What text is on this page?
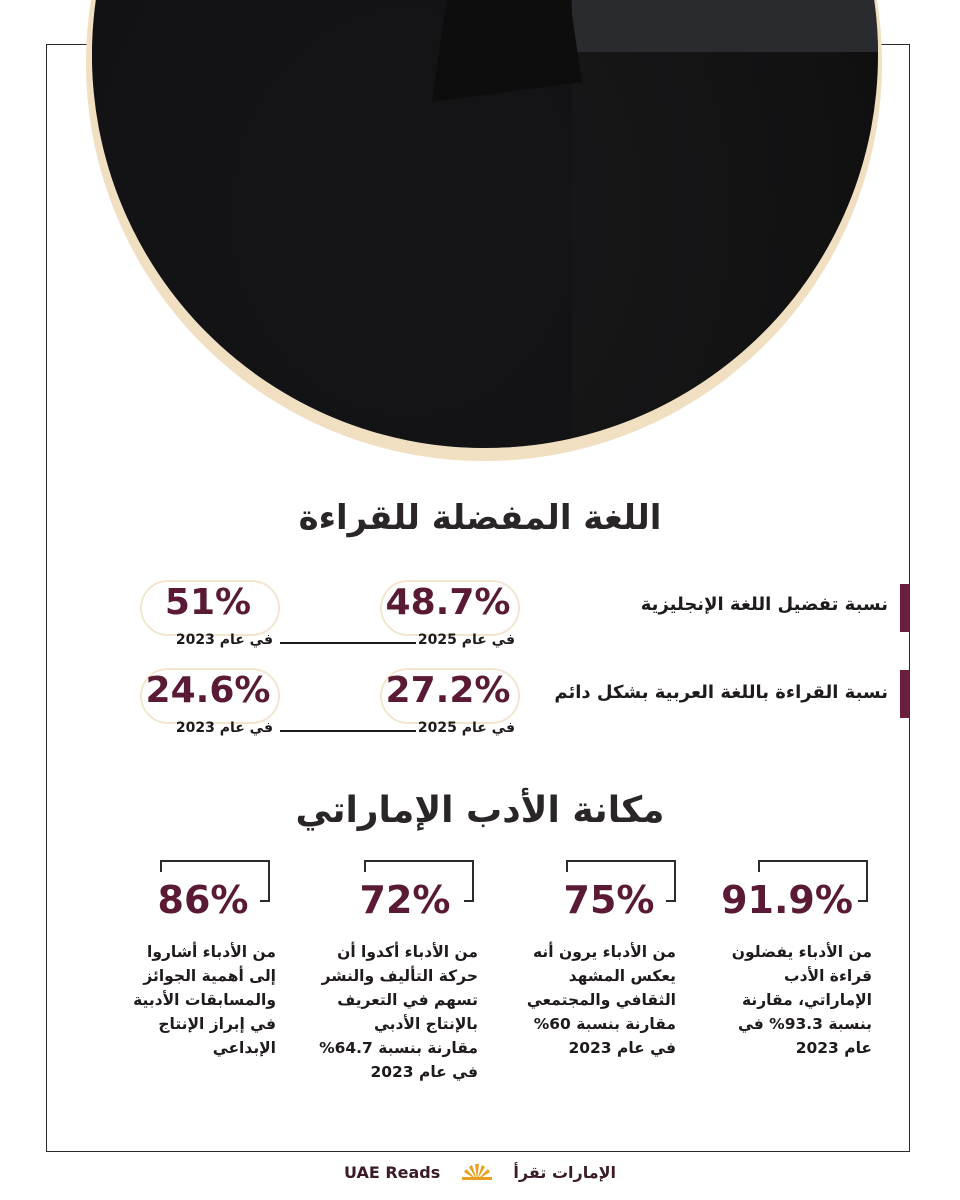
اللغة المفضلة للقراءة
نسبة تفضيل اللغة الإنجليزية
48.7%
في عام 2025
51%
في عام 2023
نسبة القراءة باللغة العربية بشكل دائم
27.2%
في عام 2025
24.6%
في عام 2023
مكانة الأدب الإماراتي
91.9%
من الأدباء يفضلون قراءة الأدب الإماراتي، مقارنة بنسبة 93.3% في عام 2023
75%
من الأدباء يرون أنه يعكس المشهد الثقافي والمجتمعي مقارنة بنسبة 60% في عام 2023
72%
من الأدباء أكدوا أن حركة التأليف والنشر تسهم في التعريف بالإنتاج الأدبي مقارنة بنسبة 64.7% في عام 2023
86%
من الأدباء أشاروا إلى أهمية الجوائز والمسابقات الأدبية في إبراز الإنتاج الإبداعي
UAE Reads	الإمارات تقرأ
